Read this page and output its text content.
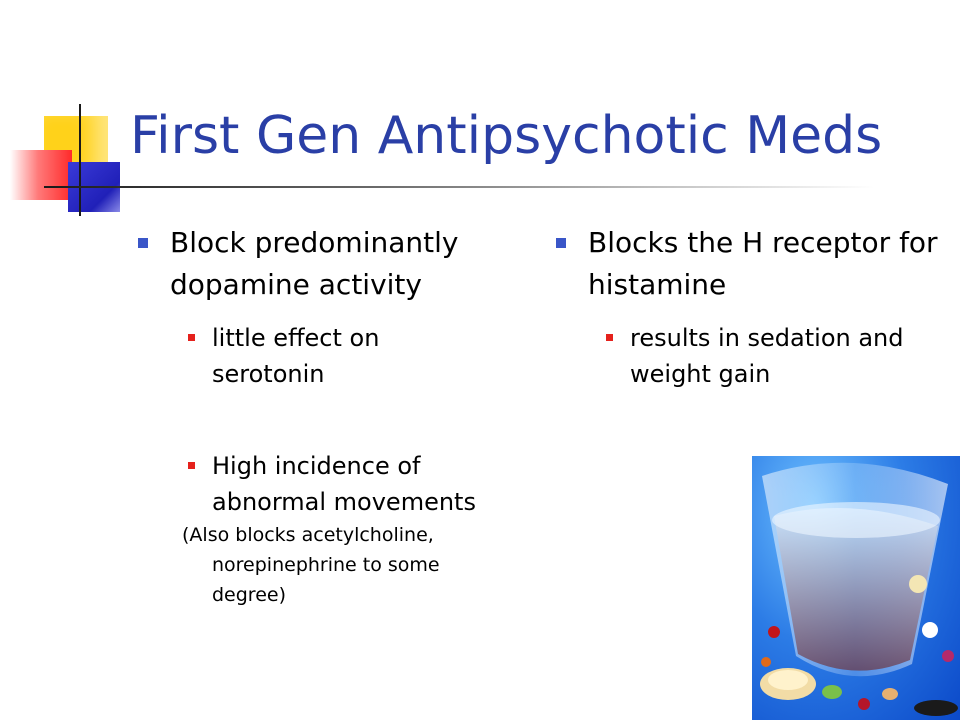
First Gen Antipsychotic Meds
Block predominantly dopamine activity
little effect on serotonin
High incidence of abnormal movements
(Also blocks acetylcholine,
norepinephrine to some
degree)
Blocks the H receptor for histamine
results in sedation and weight gain
